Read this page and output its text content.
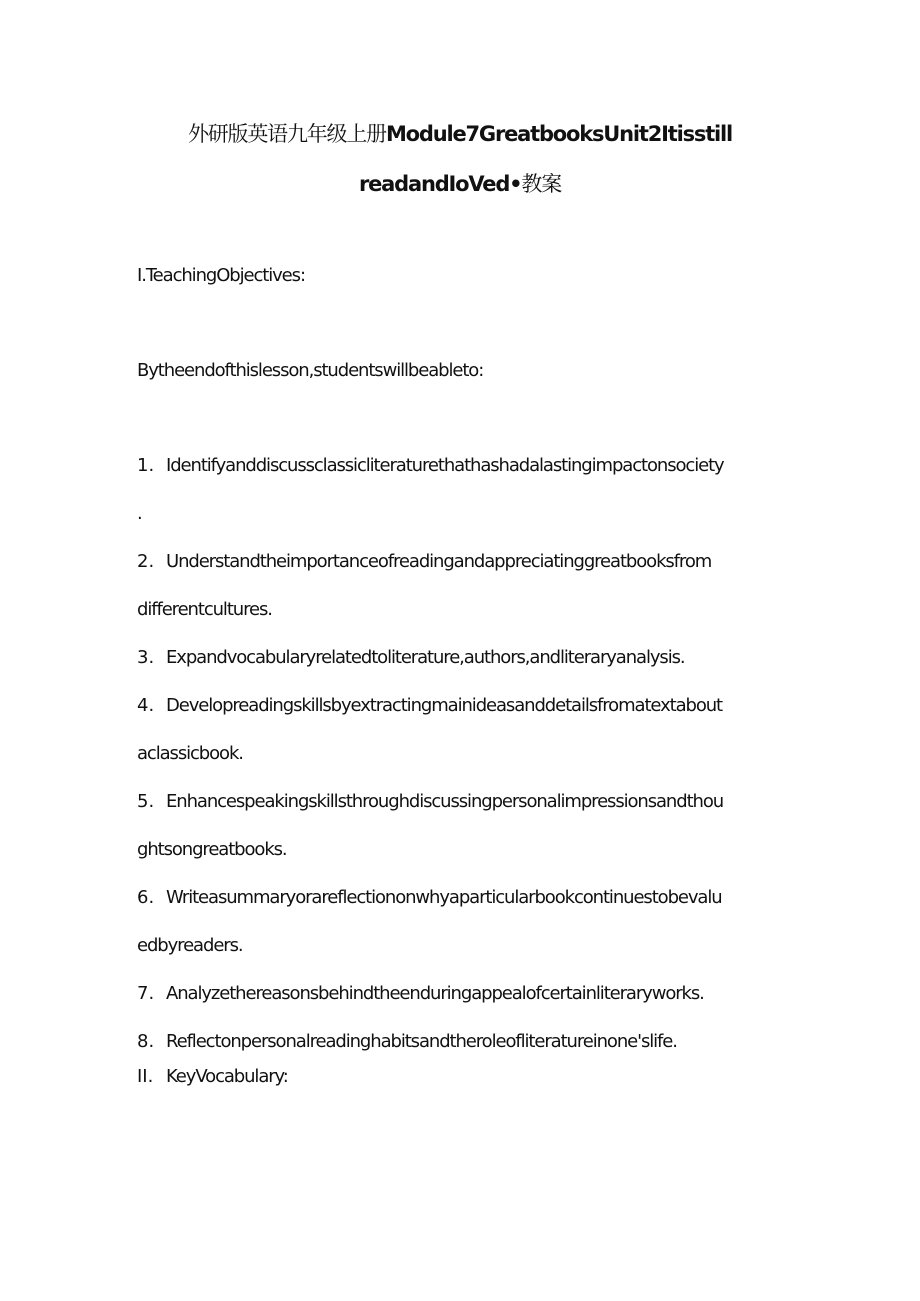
外研版英语九年级上册Module7GreatbooksUnit2Itisstill
readandIoVed•教案
I.TeachingObjectives:
Bytheendofthislesson,studentswillbeableto:
1. Identifyanddiscussclassicliteraturethathashadalastingimpactonsociety
.
2. Understandtheimportanceofreadingandappreciatinggreatbooksfrom
differentcultures.
3. Expandvocabularyrelatedtoliterature,authors,andliteraryanalysis.
4. Developreadingskillsbyextractingmainideasanddetailsfromatextabout
aclassicbook.
5. Enhancespeakingskillsthroughdiscussingpersonalimpressionsandthou
ghtsongreatbooks.
6. Writeasummaryorareflectiononwhyaparticularbookcontinuestobevalu
edbyreaders.
7. Analyzethereasonsbehindtheenduringappealofcertainliteraryworks.
8. Reflectonpersonalreadinghabitsandtheroleofliteratureinone'slife.
II. KeyVocabulary:
